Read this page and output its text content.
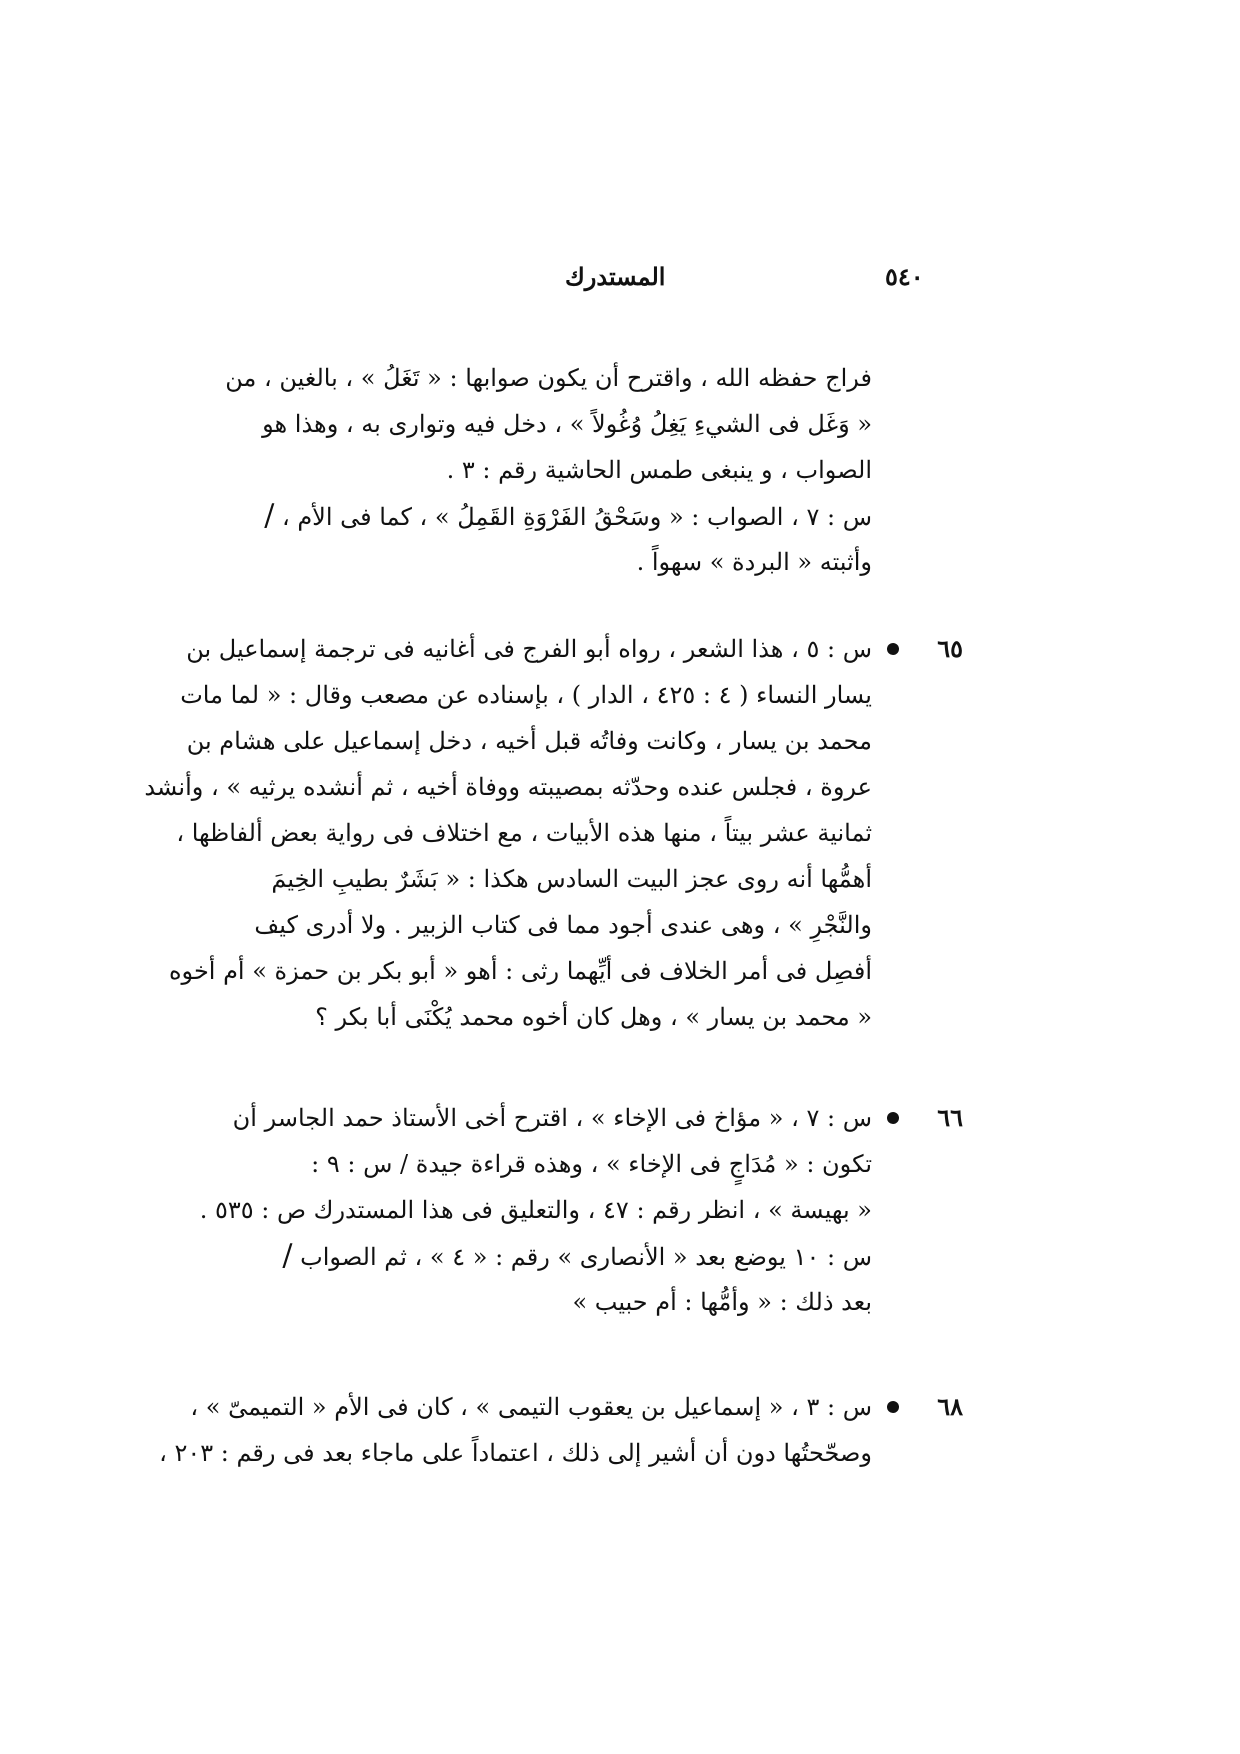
٥٤٠
المستدرك
فراج حفظه الله ، واقترح أن يكون صوابها : « تَغَلُ » ، بالغين ، من
« وَغَل فى الشيءِ يَغِلُ وُغُولاً » ، دخل فيه وتوارى به ، وهذا هو
الصواب ، و ينبغى طمس الحاشية رقم : ٣ .
س : ٧ ، الصواب : « وسَحْقُ الفَرْوَةِ القَمِلُ » ، كما فى الأم ، /
وأثبته « البردة » سهواً .
٦٥
س : ٥ ، هذا الشعر ، رواه أبو الفرج فى أغانيه فى ترجمة إسماعيل بن
يسار النساء ( ٤ : ٤٢٥ ، الدار ) ، بإسناده عن مصعب وقال : « لما مات
محمد بن يسار ، وكانت وفاتُه قبل أخيه ، دخل إسماعيل على هشام بن
عروة ، فجلس عنده وحدّثه بمصيبته ووفاة أخيه ، ثم أنشده يرثيه » ، وأنشد
ثمانية عشر بيتاً ، منها هذه الأبيات ، مع اختلاف فى رواية بعض ألفاظها ،
أهمُّها أنه روى عجز البيت السادس هكذا : « بَشَرٌ بطيبِ الخِيمَ
والنَّجْرِ » ، وهى عندى أجود مما فى كتاب الزبير . ولا أدرى كيف
أفصِل فى أمر الخلاف فى أيِّهما رثى : أهو « أبو بكر بن حمزة » أم أخوه
« محمد بن يسار » ، وهل كان أخوه محمد يُكْنَى أبا بكر ؟
٦٦
س : ٧ ، « مؤاخ فى الإخاء » ، اقترح أخى الأستاذ حمد الجاسر أن
تكون : « مُدَاجٍ فى الإخاء » ، وهذه قراءة جيدة / س : ٩ :
« بهيسة » ، انظر رقم : ٤٧ ، والتعليق فى هذا المستدرك ص : ٥٣٥ .
س : ١٠ يوضع بعد « الأنصارى » رقم : « ٤ » ، ثم الصواب /
بعد ذلك : « وأمُّها : أم حبيب »
٦٨
س : ٣ ، « إسماعيل بن يعقوب التيمى » ، كان فى الأم « التميمىّ » ،
وصحّحتُها دون أن أشير إلى ذلك ، اعتماداً على ماجاء بعد فى رقم : ٢٠٣ ،
